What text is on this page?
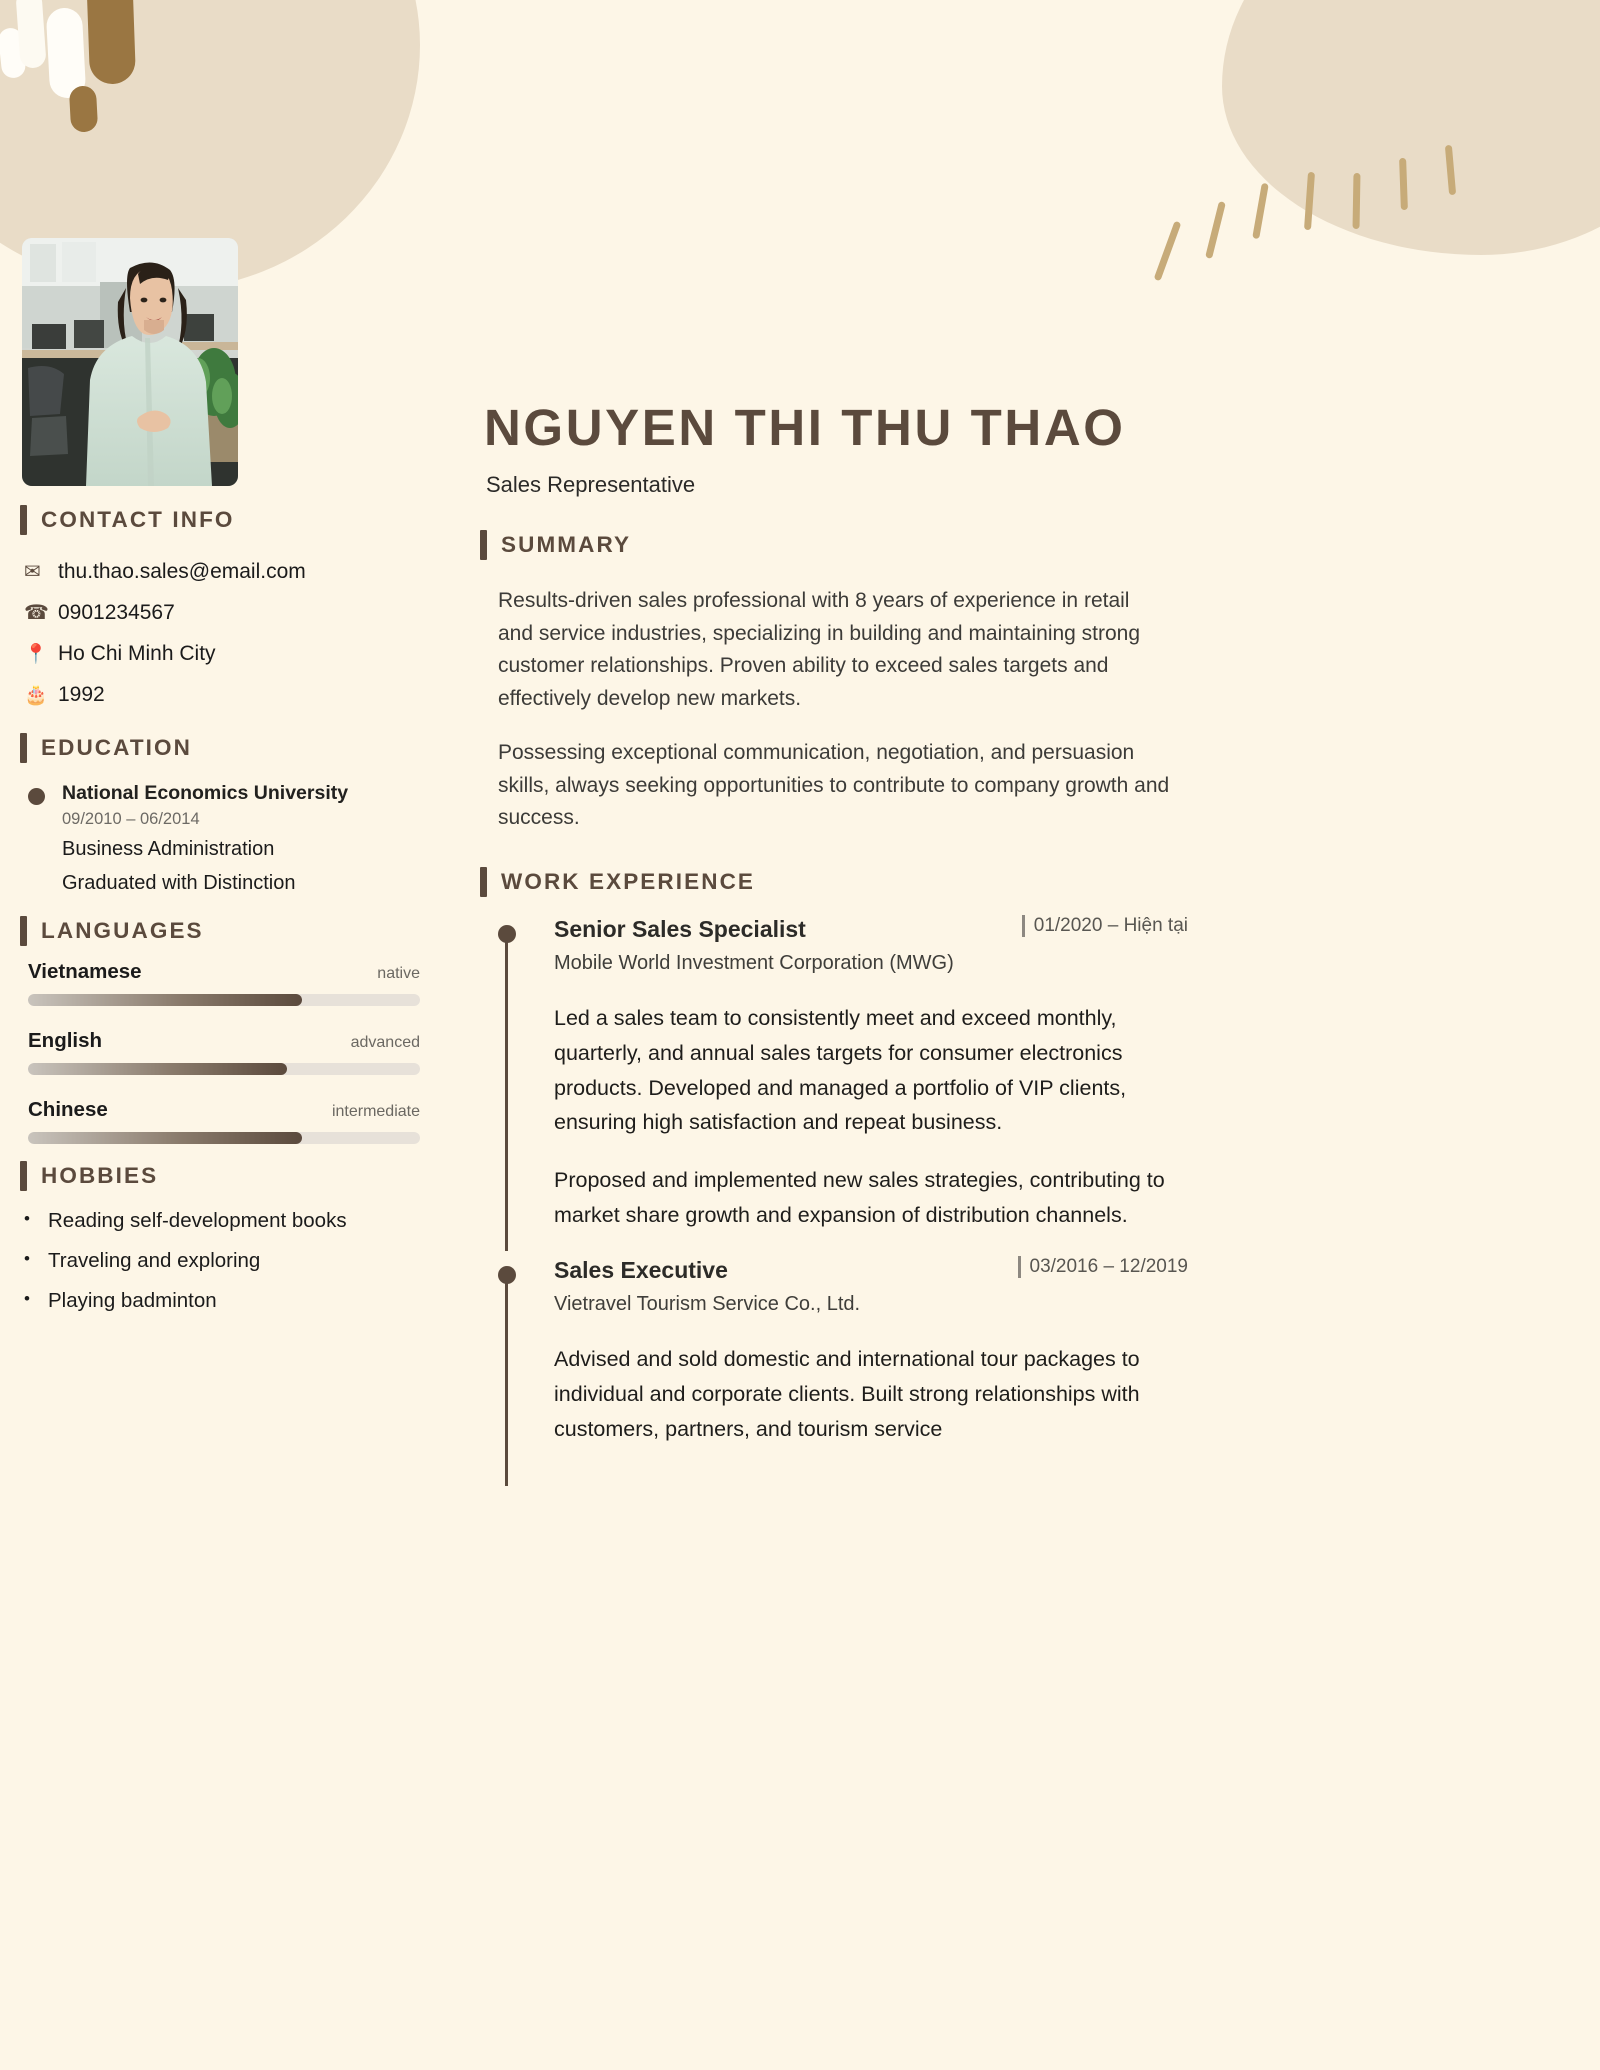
CONTACT INFO
✉ thu.thao.sales@email.com
☎ 0901234567
📍 Ho Chi Minh City
🎂 1992
EDUCATION
National Economics University
09/2010 – 06/2014
Business Administration
Graduated with Distinction
LANGUAGES
Vietnamese	native
English	advanced
Chinese	intermediate
HOBBIES
• Reading self-development books
• Traveling and exploring
• Playing badminton
NGUYEN THI THU THAO
Sales Representative
SUMMARY

Results-driven sales professional with 8 years of experience in retail and service industries, specializing in building and maintaining strong customer relationships. Proven ability to exceed sales targets and effectively develop new markets.

Possessing exceptional communication, negotiation, and persuasion skills, always seeking opportunities to contribute to company growth and success.

WORK EXPERIENCE
Senior Sales Specialist	01/2020 – Hiện tại
Mobile World Investment Corporation (MWG)

Led a sales team to consistently meet and exceed monthly, quarterly, and annual sales targets for consumer electronics products. Developed and managed a portfolio of VIP clients, ensuring high satisfaction and repeat business.

Proposed and implemented new sales strategies, contributing to market share growth and expansion of distribution channels.

Sales Executive	03/2016 – 12/2019
Vietravel Tourism Service Co., Ltd.

Advised and sold domestic and international tour packages to individual and corporate clients. Built strong relationships with customers, partners, and tourism service
